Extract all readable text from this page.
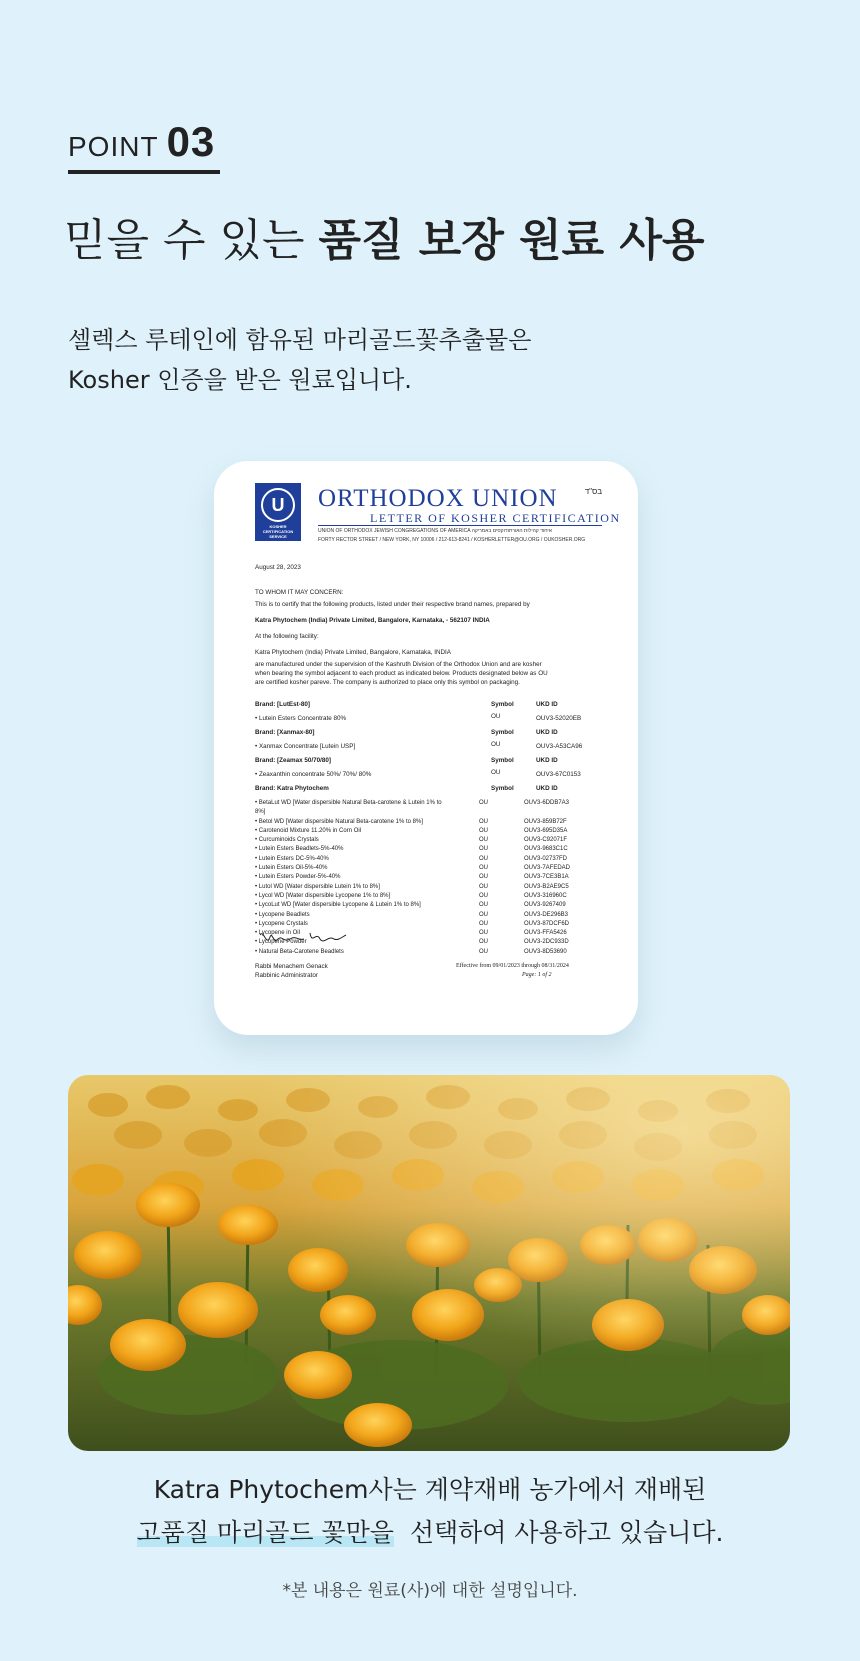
POINT 03
믿을 수 있는 품질 보장 원료 사용
셀렉스 루테인에 함유된 마리골드꽃추출물은
Kosher 인증을 받은 원료입니다.
U
KOSHER CERTIFICATION SERVICE
ORTHODOX UNION	בס"ד
LETTER OF KOSHER CERTIFICATION
UNION OF ORTHODOX JEWISH CONGREGATIONS OF AMERICA איחוד קהילות האורתודוקסים באמריקה
FORTY RECTOR STREET / NEW YORK, NY 10006 / 212-613-8241 / KOSHERLETTER@OU.ORG / OUKOSHER.ORG
August 28, 2023
TO WHOM IT MAY CONCERN:
This is to certify that the following products, listed under their respective brand names, prepared by
Katra Phytochem (India) Private Limited, Bangalore, Karnataka, - 562107 INDIA
At the following facility:
Katra Phytochem (India) Private Limited, Bangalore, Karnataka, INDIA
are manufactured under the supervision of the Kashruth Division of the Orthodox Union and are kosher
when bearing the symbol adjacent to each product as indicated below. Products designated below as OU
are certified kosher pareve. The company is authorized to place only this symbol on packaging.
Brand: [LutEst-80]	Symbol	UKD ID
• Lutein Esters Concentrate 80%	OU	OUV3-52020EB
Brand: [Xanmax-80]	Symbol	UKD ID
• Xanmax Concentrate [Lutein USP]	OU	OUV3-A53CA96
Brand: [Zeamax 50/70/80]	Symbol	UKD ID
• Zeaxanthin concentrate 50%/ 70%/ 80%	OU	OUV3-67C0153
Brand: Katra Phytochem	Symbol	UKD ID
• BetaLut WD [Water dispersible Natural Beta-carotene & Lutein 1% to	OU	OUV3-6DDB7A3
8%]
• Betol WD [Water dispersible Natural Beta-carotene 1% to 8%]	OU	OUV3-859B72F
• Carotenoid Mixture 11.20% in Corn Oil	OU	OUV3-695D35A
• Curcuminoids Crystals	OU	OUV3-C92071F
• Lutein Esters Beadlets-5%-40%	OU	OUV3-9683C1C
• Lutein Esters DC-5%-40%	OU	OUV3-02737FD
• Lutein Esters Oil-5%-40%	OU	OUV3-7AFEDAD
• Lutein Esters Powder-5%-40%	OU	OUV3-7CE3B1A
• Lutol WD [Water dispersible Lutein 1% to 8%]	OU	OUV3-B2AE9C5
• Lycol WD [Water dispersible Lycopene 1% to 8%]	OU	OUV3-316960C
• LycoLut WD [Water dispersible Lycopene & Lutein 1% to 8%]	OU	OUV3-9267409
• Lycopene Beadlets	OU	OUV3-DE296B3
• Lycopene Crystals	OU	OUV3-87DCF6D
• Lycopene in Oil	OU	OUV3-FFA5426
• Lycopene Powder	OU	OUV3-2DC933D
• Natural Beta-Carotene Beadlets	OU	OUV3-8D53690
Rabbi Menachem Genack
Rabbinic Administrator
Effective from 09/01/2023 through 08/31/2024
Page: 1 of 2
Katra Phytochem사는 계약재배 농가에서 재배된
고품질 마리골드 꽃만을  선택하여 사용하고 있습니다.
*본 내용은 원료(사)에 대한 설명입니다.
